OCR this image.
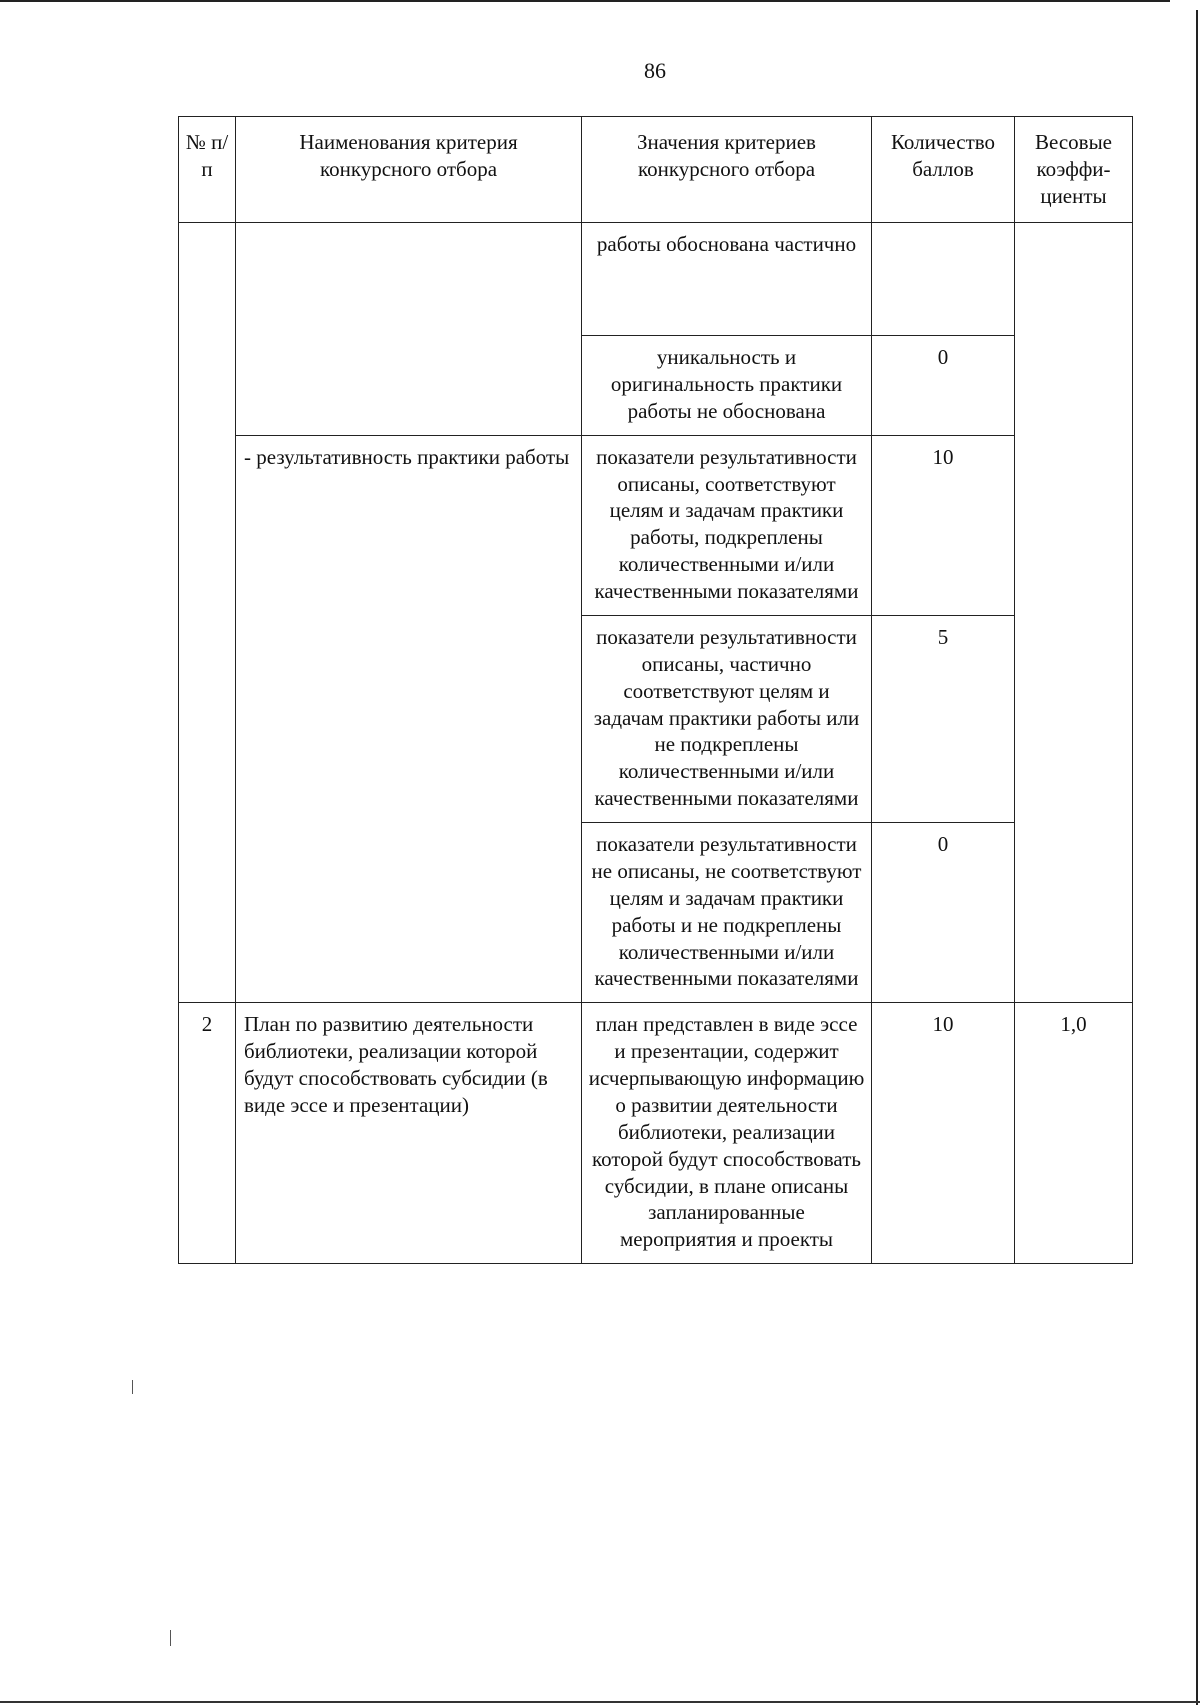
86
№ п/п	Наименования критерия конкурсного отбора	Значения критериев конкурсного отбора	Количество баллов	Весовые коэффи-циенты
		работы обоснована частично		
		уникальность и оригинальность практики работы не обоснована	0	
	- результативность практики работы	показатели результативности описаны, соответствуют целям и задачам практики работы, подкреплены количественными и/или качественными показателями	10	
		показатели результативности описаны, частично соответствуют целям и задачам практики работы или не подкреплены количественными и/или качественными показателями	5	
		показатели результативности не описаны, не соответствуют целям и задачам практики работы и не подкреплены количественными и/или качественными показателями	0	
2	План по развитию деятельности библиотеки, реализации которой будут способствовать субсидии (в виде эссе и презентации)	план представлен в виде эссе и презентации, содержит исчерпывающую информацию о развитии деятельности библиотеки, реализации которой будут способствовать субсидии, в плане описаны запланированные мероприятия и проекты	10	1,0
